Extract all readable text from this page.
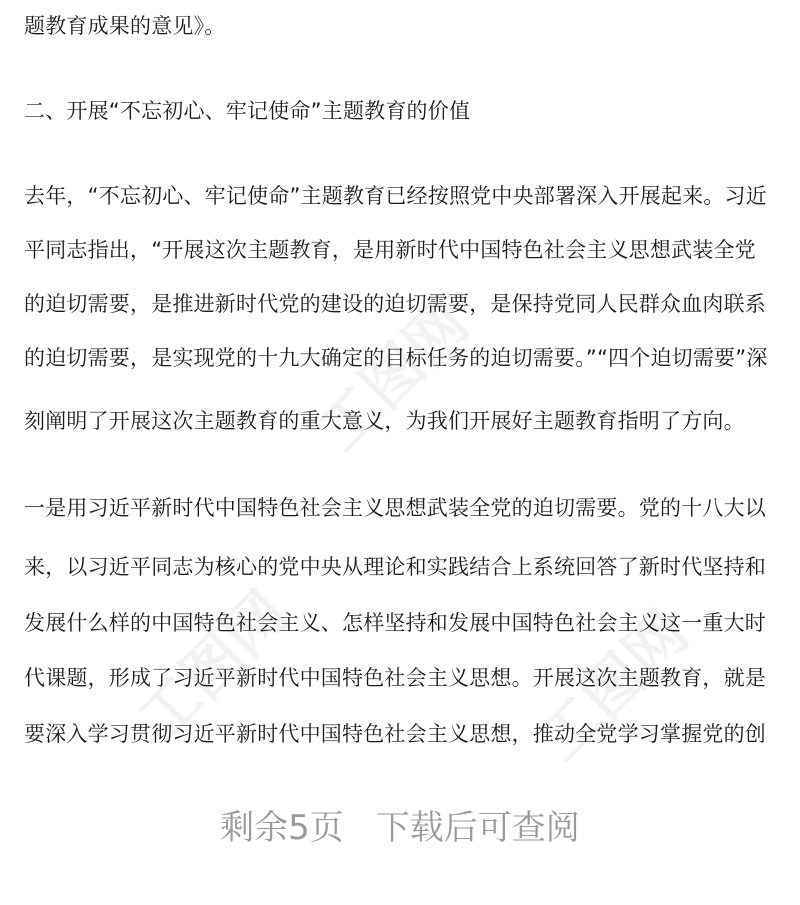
工图网
工图网	工图网
题教育成果的意见》。
二、开展“不忘初心、牢记使命”主题教育的价值
去年，“不忘初心、牢记使命”主题教育已经按照党中央部署深入开展起来。习近
平同志指出，“开展这次主题教育，是用新时代中国特色社会主义思想武装全党
的迫切需要，是推进新时代党的建设的迫切需要，是保持党同人民群众血肉联系
的迫切需要，是实现党的十九大确定的目标任务的迫切需要。”“四个迫切需要”深
刻阐明了开展这次主题教育的重大意义，为我们开展好主题教育指明了方向。
一是用习近平新时代中国特色社会主义思想武装全党的迫切需要。党的十八大以
来，以习近平同志为核心的党中央从理论和实践结合上系统回答了新时代坚持和
发展什么样的中国特色社会主义、怎样坚持和发展中国特色社会主义这一重大时
代课题，形成了习近平新时代中国特色社会主义思想。开展这次主题教育，就是
要深入学习贯彻习近平新时代中国特色社会主义思想，推动全党学习掌握党的创
剩余5页 下载后可查阅
